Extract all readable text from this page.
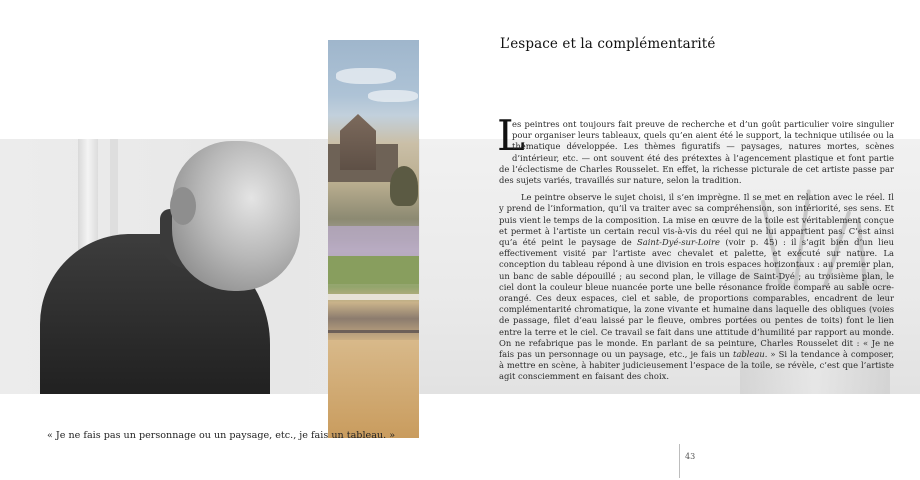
L’espace et la complémentarité

L
es peintres ont toujours fait preuve de recherche et d’un goût particulier voire singulier pour organiser leurs tableaux, quels qu’en aient été le support, la technique utilisée ou la thématique développée. Les thèmes figuratifs — paysages, natures mortes, scènes d’intérieur, etc. — ont souvent été des prétextes à l’agencement plastique et font partie de l’éclectisme de Charles Rousselet. En effet, la richesse picturale de cet artiste passe par des sujets variés, travaillés sur nature, selon la tradition.

Le peintre observe le sujet choisi, il s’en imprègne. Il se met en relation avec le réel. Il y prend de l’information, qu’il va traiter avec sa compréhension, son intériorité, ses sens. Et puis vient le temps de la composition. La mise en œuvre de la toile est véritablement conçue et permet à l’artiste un certain recul vis-à-vis du réel qui ne lui appartient pas. C’est ainsi qu’a été peint le paysage de Saint-Dyé-sur-Loire (voir p. 45) : il s’agit bien d’un lieu effectivement visité par l’artiste avec chevalet et palette, et exécuté sur nature. La conception du tableau répond à une division en trois espaces horizontaux : au premier plan, un banc de sable dépouillé ; au second plan, le village de Saint-Dyé ; au troisième plan, le ciel dont la couleur bleue nuancée porte une belle résonance froide comparé au sable ocre-orangé. Ces deux espaces, ciel et sable, de proportions comparables, encadrent de leur complémentarité chromatique, la zone vivante et humaine dans laquelle des obliques (voies de passage, filet d’eau laissé par le fleuve, ombres portées ou pentes de toits) font le lien entre la terre et le ciel. Ce travail se fait dans une attitude d’humilité par rapport au monde. On ne refabrique pas le monde. En parlant de sa peinture, Charles Rousselet dit : « Je ne fais pas un personnage ou un paysage, etc., je fais un tableau. » Si la tendance à composer, à mettre en scène, à habiter judicieusement l’espace de la toile, se révèle, c’est que l’artiste agit consciemment en faisant des choix.

« Je ne fais pas un personnage ou un paysage, etc., je fais un tableau. »
43
